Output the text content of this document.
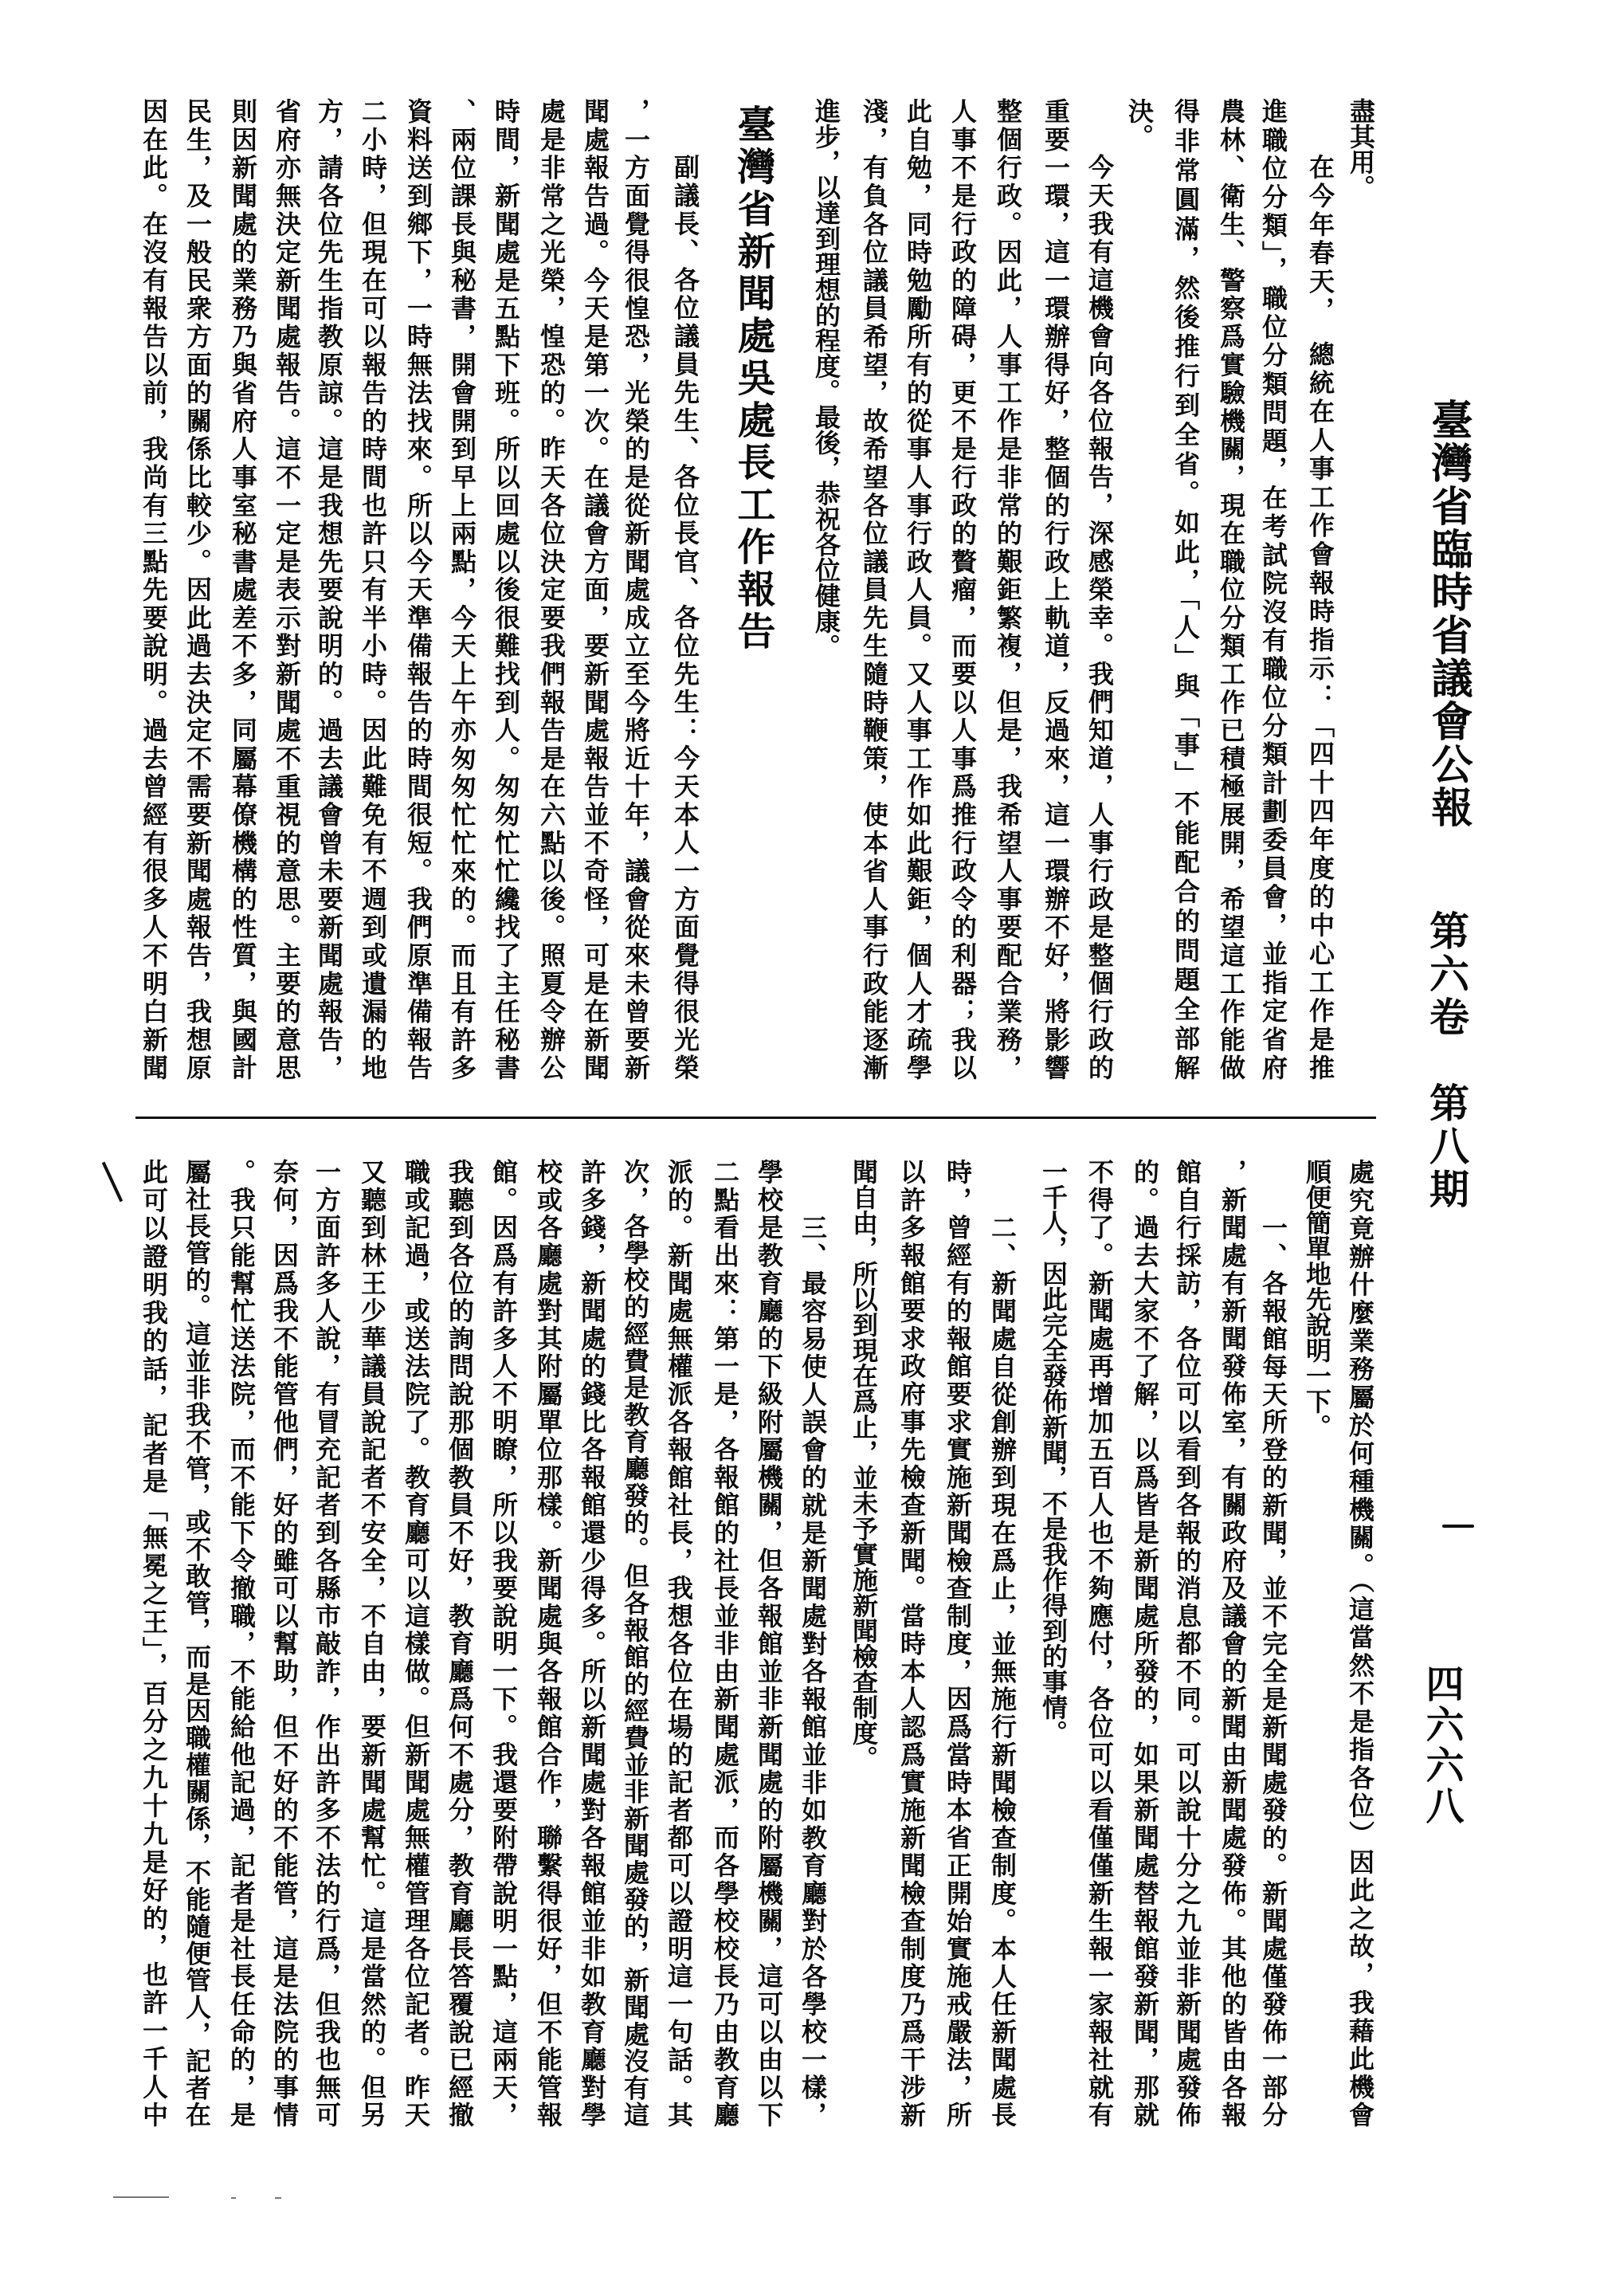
臺灣省臨時省議會公報
第六卷
第八期
四六六八
盡其用。
在今年春天，　總統在人事工作會報時指示：「四十四年度的中心工作是推
進職位分類」，職位分類問題，在考試院沒有職位分類計劃委員會，並指定省府
農林、衛生、警察爲實驗機關，現在職位分類工作已積極展開，希望這工作能做
得非常圓滿，然後推行到全省。如此，「人」與「事」不能配合的問題全部解
決。
今天我有這機會向各位報告，深感榮幸。我們知道，人事行政是整個行政的
重要一環，這一環辦得好，整個的行政上軌道，反過來，這一環辦不好，將影響
整個行政。因此，人事工作是非常的艱鉅繁複，但是，我希望人事要配合業務，
人事不是行政的障碍，更不是行政的贅瘤，而要以人事爲推行政令的利器；我以
此自勉，同時勉勵所有的從事人事行政人員。又人事工作如此艱鉅，個人才疏學
淺，有負各位議員希望，故希望各位議員先生隨時鞭策，使本省人事行政能逐漸
進步，以達到理想的程度。最後，恭祝各位健康。
臺灣省新聞處吳處長工作報告
副議長、各位議員先生、各位長官、各位先生：今天本人一方面覺得很光榮
，一方面覺得很惶恐，光榮的是從新聞處成立至今將近十年，議會從來未曾要新
聞處報告過。今天是第一次。在議會方面，要新聞處報告並不奇怪，可是在新聞
處是非常之光榮，惶恐的。昨天各位決定要我們報告是在六點以後。照夏令辦公
時間，新聞處是五點下班。所以回處以後很難找到人。匆匆忙忙纔找了主任秘書
、兩位課長與秘書，開會開到早上兩點，今天上午亦匆匆忙忙來的。而且有許多
資料送到鄉下，一時無法找來。所以今天準備報告的時間很短。我們原準備報告
二小時，但現在可以報告的時間也許只有半小時。因此難免有不週到或遺漏的地
方，請各位先生指教原諒。這是我想先要說明的。過去議會曾未要新聞處報告，
省府亦無決定新聞處報告。這不一定是表示對新聞處不重視的意思。主要的意思
則因新聞處的業務乃與省府人事室秘書處差不多，同屬幕僚機構的性質，與國計
民生，及一般民衆方面的關係比較少。因此過去決定不需要新聞處報告，我想原
因在此。在沒有報告以前，我尚有三點先要說明。過去曾經有很多人不明白新聞
處究竟辦什麼業務屬於何種機關。（這當然不是指各位）因此之故，我藉此機會
順便簡單地先說明一下。
一、各報館每天所登的新聞，並不完全是新聞處發的。新聞處僅發佈一部分
，新聞處有新聞發佈室，有關政府及議會的新聞由新聞處發佈。其他的皆由各報
館自行採訪，各位可以看到各報的消息都不同。可以說十分之九並非新聞處發佈
的。過去大家不了解，以爲皆是新聞處所發的，如果新聞處替報館發新聞，那就
不得了。新聞處再增加五百人也不夠應付，各位可以看僅僅新生報一家報社就有
一千人，因此完全發佈新聞，不是我作得到的事情。
二、新聞處自從創辦到現在爲止，並無施行新聞檢查制度。本人任新聞處長
時，曾經有的報館要求實施新聞檢查制度，因爲當時本省正開始實施戒嚴法，所
以許多報館要求政府事先檢查新聞。當時本人認爲實施新聞檢查制度乃爲干涉新
聞自由，所以到現在爲止，並未予實施新聞檢查制度。
三、最容易使人誤會的就是新聞處對各報館並非如教育廳對於各學校一樣，
學校是教育廳的下級附屬機關，但各報館並非新聞處的附屬機關，這可以由以下
二點看出來：第一是，各報館的社長並非由新聞處派，而各學校校長乃由教育廳
派的。新聞處無權派各報館社長，我想各位在場的記者都可以證明這一句話。其
次，各學校的經費是教育廳發的。但各報館的經費並非新聞處發的，新聞處沒有這
許多錢，新聞處的錢比各報館還少得多。所以新聞處對各報館並非如教育廳對學
校或各廳處對其附屬單位那樣。新聞處與各報館合作，聯繫得很好，但不能管報
館。因爲有許多人不明瞭，所以我要說明一下。我還要附帶說明一點，這兩天，
我聽到各位的詢問說那個教員不好，教育廳爲何不處分，教育廳長答覆說已經撤
職或記過，或送法院了。教育廳可以這樣做。但新聞處無權管理各位記者。昨天
又聽到林王少華議員說記者不安全，不自由，要新聞處幫忙。這是當然的。但另
一方面許多人說，有冒充記者到各縣市敲詐，作出許多不法的行爲，但我也無可
奈何，因爲我不能管他們，好的雖可以幫助，但不好的不能管，這是法院的事情
。我只能幫忙送法院，而不能下令撤職，不能給他記過，記者是社長任命的，是
屬社長管的。這並非我不管，或不敢管，而是因職權關係，不能隨便管人，記者在
此可以證明我的話，記者是「無冕之王」，百分之九十九是好的，也許一千人中
